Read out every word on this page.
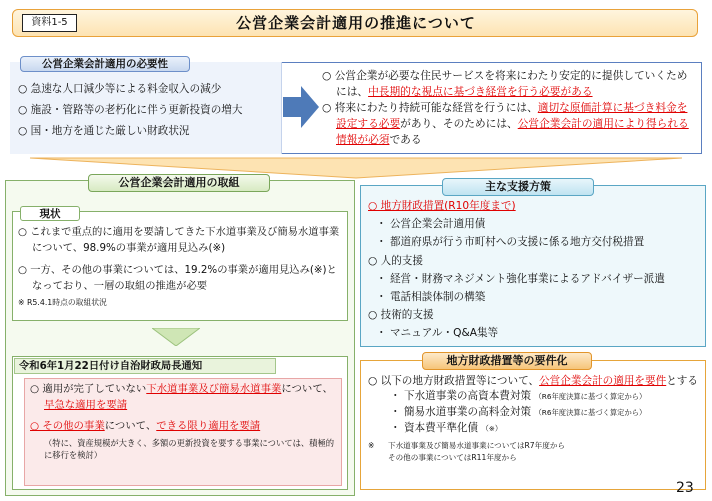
資料1-5	公営企業会計適用の推進について
公営企業会計適用の必要性
○ 急速な人口減少等による料金収入の減少
○ 施設・管路等の老朽化に伴う更新投資の増大
○ 国・地方を通じた厳しい財政状況

○ 公営企業が必要な住民サービスを将来にわたり安定的に提供していくためには、中長期的な視点に基づき経営を行う必要がある

○ 将来にわたり持続可能な経営を行うには、適切な原価計算に基づき料金を設定する必要があり、そのためには、公営企業会計の適用により得られる情報が必須である

公営企業会計適用の取組
現状

○ これまで重点的に適用を要請してきた下水道事業及び簡易水道事業について、98.9%の事業が適用見込み(※)

○ 一方、その他の事業については、19.2%の事業が適用見込み(※)となっており、一層の取組の推進が必要

※ R5.4.1時点の取組状況

令和6年1月22日付け自治財政局長通知

○ 適用が完了していない下水道事業及び簡易水道事業について、早急な適用を要請

○ その他の事業について、できる限り適用を要請

（特に、資産規模が大きく、多額の更新投資を要する事業については、積極的に移行を検討）

主な支援方策
○ 地方財政措置(R10年度まで)
・ 公営企業会計適用債
・ 都道府県が行う市町村への支援に係る地方交付税措置
○ 人的支援
・ 経営・財務マネジメント強化事業によるアドバイザー派遣
・ 電話相談体制の構築
○ 技術的支援
・ マニュアル・Q&A集等
地方財政措置等の要件化

○ 以下の地方財政措置等について、公営企業会計の適用を要件とする

・ 下水道事業の高資本費対策 （R6年度決算に基づく算定から）
・ 簡易水道事業の高料金対策 （R6年度決算に基づく算定から）
・ 資本費平準化債 （※）
※	下水道事業及び簡易水道事業についてはR7年度から
その他の事業についてはR11年度から
23
